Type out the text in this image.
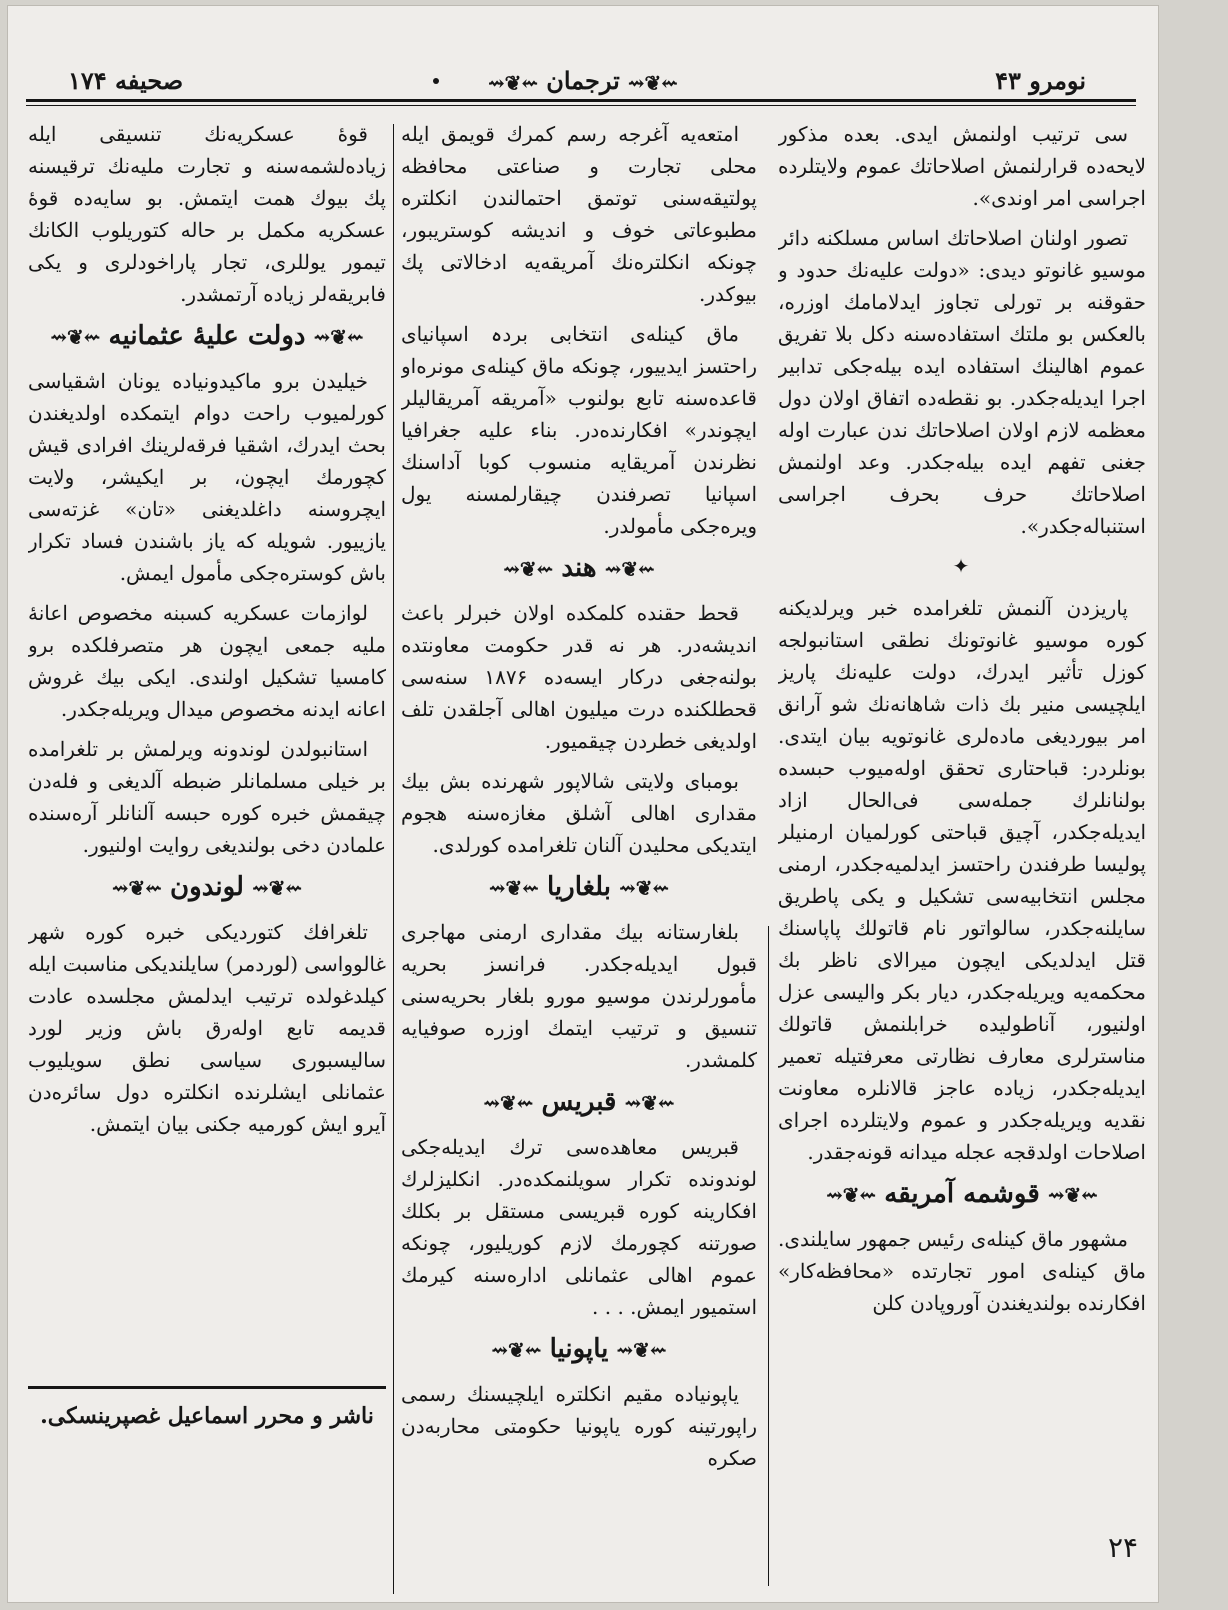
نومرو ۴۳
⇜❦⇝ترجمان⇜❦⇝
صحیفه ۱۷۴

سی ترتیب اولنمش ایدی. بعده مذکور لایحه‌ده قرارلنمش اصلاحاتك عموم ولایتلرده اجراسی امر اوندی».

تصور اولنان اصلاحاتك اساس مسلکنه دائر موسیو غانوتو دیدی: «دولت علیه‌نك حدود و حقوقنه بر تورلی تجاوز ایدلامامك اوزره، بالعکس بو ملتك استفاده‌سنه دکل بلا تفریق عموم اهالینك استفاده ایده بیله‌جکی تدابیر اجرا ایدیله‌جکدر. بو نقطه‌ده اتفاق اولان دول معظمه لازم اولان اصلاحاتك ندن عبارت اوله جغنی تفهم ایده بیله‌جکدر. وعد اولنمش اصلاحاتك حرف بحرف اجراسی استنباله‌جکدر».

✦

پاریزدن آلنمش تلغرامده خبر ویرلدیکنه کوره موسیو غانوتونك نطقی استانبولجه کوزل تأثیر ایدرك، دولت علیه‌نك پاریز ایلچیسی منیر بك ذات شاهانه‌نك شو آرانق امر بیوردیغی ماده‌لری غانوتویه بیان ایتدی. بونلردر: قباحتاری تحقق اوله‌میوب حبسده بولنانلرك جمله‌سی فی‌الحال ازاد ایدیله‌جکدر، آچیق قباحتی کورلمیان ارمنیلر پولیسا طرفندن راحتسز ایدلمیه‌جکدر، ارمنی مجلس انتخابیه‌سی تشکیل و یکی پاطریق سایلنه‌جکدر، سالواتور نام قاتولك پاپاسنك قتل ایدلدیکی ایچون میرالای ناظر بك محکمه‌یه ویریله‌جکدر، دیار بکر والیسی عزل اولنیور، آناطولیده خرابلنمش قاتولك مناسترلری معارف نظارتی معرفتیله تعمیر ایدیله‌جکدر، زیاده عاجز قالانلره معاونت نقدیه ویریله‌جکدر و عموم ولایتلرده اجرای اصلاحات اولدقجه عجله میدانه قونه‌جقدر.

⇜❦⇝قوشمه آمریقه⇜❦⇝

مشهور ماق کینله‌ی رئیس جمهور سایلندی. ماق کینله‌ی امور تجارتده «محافظه‌کار» افکارنده بولندیغندن آوروپادن کلن

امتعه‌یه آغرجه رسم کمرك قویمق ایله محلی تجارت و صناعتی محافظه پولتیقه‌سنی توتمق احتمالندن انکلتره مطبوعاتی خوف و اندیشه کوستریبور، چونکه انکلتره‌نك آمریقه‌یه ادخالاتی پك بیوکدر.

ماق کینله‌ی انتخابی بردہ اسپانیای راحتسز ایدییور، چونکه ماق کینله‌ی مونره‌او قاعده‌سنه تابع بولنوب «آمریقه آمریقالیلر ایچوندر» افکارنده‌در. بناء علیه جغرافیا نظرندن آمریقایه منسوب کوبا آداسنك اسپانیا تصرفندن چیقارلمسنه یول ویره‌جکی مأمولدر.

⇜❦⇝هند⇜❦⇝

قحط حقنده کلمکده اولان خبرلر باعث اندیشه‌در. هر نه قدر حکومت معاونتده بولنه‌جغی درکار ایسه‌ده ۱۸۷۶ سنه‌سی قحطلکنده درت میلیون اهالی آجلقدن تلف اولدیغی خطردن چیقمیور.

بومبای ولایتی شالاپور شهرنده بش بیك مقداری اهالی آشلق مغازه‌سنه هجوم ایتدیکی محلیدن آلنان تلغرامده کورلدی.

⇜❦⇝بلغاریا⇜❦⇝

بلغارستانه بیك مقداری ارمنی مهاجری قبول ایدیله‌جکدر. فرانسز بحریه مأمورلرندن موسیو مورو بلغار بحریه‌سنی تنسیق و ترتیب ایتمك اوزره صوفیایه کلمشدر.

⇜❦⇝قبریس⇜❦⇝

قبریس معاهده‌سی ترك ایدیله‌جکی لوندونده تکرار سویلنمکده‌در. انکلیزلرك افکارینه کوره قبریسی مستقل بر بکلك صورتنه کچورمك لازم کوریلیور، چونکه عموم اهالی عثمانلی اداره‌سنه کیرمك استمیور ایمش. . . .

⇜❦⇝یاپونیا⇜❦⇝

یاپونیاده مقیم انکلتره ایلچیسنك رسمی راپورتینه کوره یاپونیا حکومتی محاربه‌دن صکره

قوهٔ عسکریه‌نك تنسیقی ایله زیاده‌لشمه‌سنه و تجارت ملیه‌نك ترقیسنه پك بیوك همت ایتمش. بو سایه‌ده قوهٔ عسکریه مکمل بر حاله کتوریلوب الکانك تیمور یوللری، تجار پاراخودلری و یکی فابریقه‌لر زیاده آرتمشدر.

⇜❦⇝دولت علیهٔ عثمانیه⇜❦⇝

خیلیدن برو ماکیدونیاده یونان اشقیاسی کورلمیوب راحت دوام ایتمکده اولدیغندن بحث ایدرك، اشقیا فرقه‌لرینك افرادی قیش کچورمك ایچون، بر ایکیشر، ولایت ایچروسنه داغلدیغنی «تان» غزته‌سی یازییور. شویله که یاز باشندن فساد تکرار باش کوستره‌جکی مأمول ایمش.

لوازمات عسکریه کسبنه مخصوص اعانهٔ ملیه جمعی ایچون هر متصرفلکده برو کامسیا تشکیل اولندی. ایکی بیك غروش اعانه ایدنه مخصوص میدال ویریله‌جکدر.

استانبولدن لوندونه ویرلمش بر تلغرامده بر خیلی مسلمانلر ضبطه آلدیغی و فله‌دن چیقمش خبره کوره حبسه آلنانلر آره‌سنده علمادن دخی بولندیغی روایت اولنیور.

⇜❦⇝لوندون⇜❦⇝

تلغرافك کتوردیکی خبره کوره شهر غالوواسی (لوردمر) سایلندیکی مناسبت ایله کیلدغولده ترتیب ایدلمش مجلسده عادت قدیمه تابع اوله‌رق باش وزیر لورد سالیسبوری سیاسی نطق سویلیوب عثمانلی ایشلرنده انکلتره دول سائره‌دن آیرو ایش کورمیه جکنی بیان ایتمش.

ناشر و محرر اسماعیل غصپرینسکی.
۲۴
